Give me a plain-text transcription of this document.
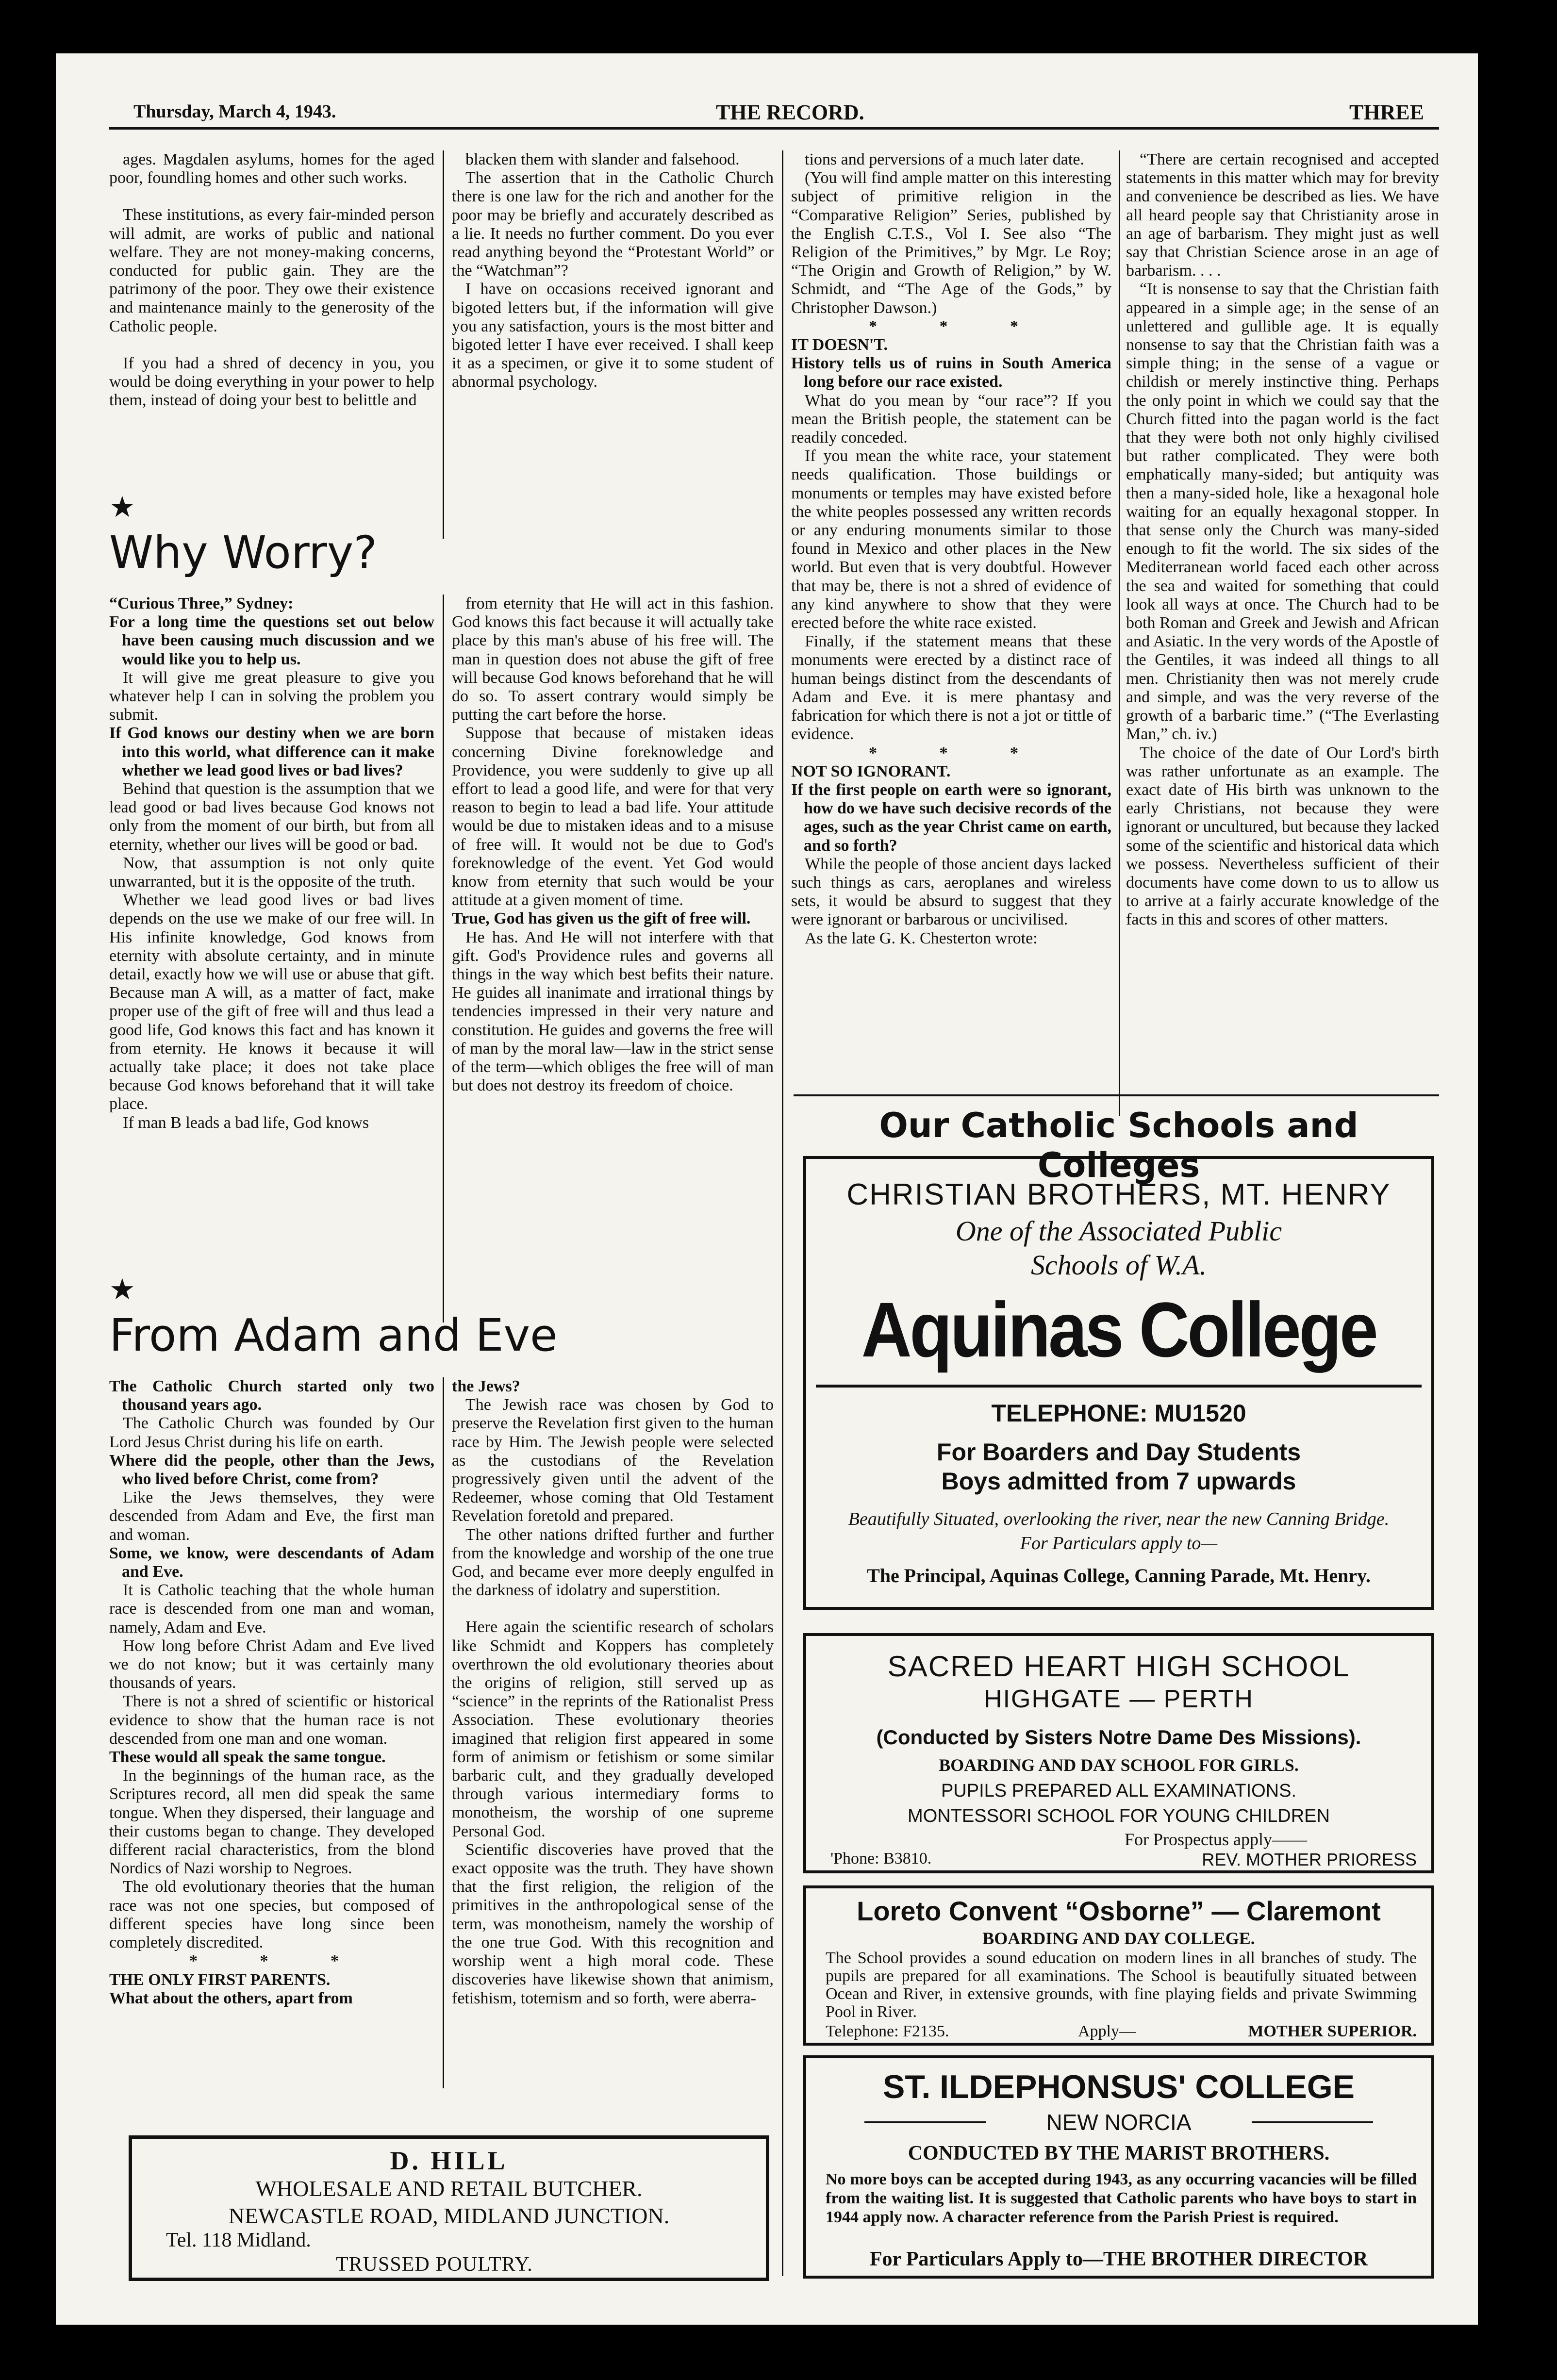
Thursday, March 4, 1943.	THE RECORD.	THREE

ages. Magdalen asylums, homes for the aged poor, foundling homes and other such works.

These institutions, as every fair-minded person will admit, are works of public and national welfare. They are not money-making concerns, conducted for public gain. They are the patrimony of the poor. They owe their existence and maintenance mainly to the generosity of the Catholic people.

If you had a shred of decency in you, you would be doing everything in your power to help them, instead of doing your best to belittle and

blacken them with slander and falsehood.

The assertion that in the Catholic Church there is one law for the rich and another for the poor may be briefly and accurately described as a lie. It needs no further comment. Do you ever read anything beyond the “Protestant World” or the “Watchman”?

I have on occasions received ignorant and bigoted letters but, if the information will give you any satisfaction, yours is the most bitter and bigoted letter I have ever received. I shall keep it as a specimen, or give it to some student of abnormal psychology.

★
Why Worry?

“Curious Three,” Sydney:

For a long time the questions set out below have been causing much discussion and we would like you to help us.

It will give me great pleasure to give you whatever help I can in solving the problem you submit.

If God knows our destiny when we are born into this world, what difference can it make whether we lead good lives or bad lives?

Behind that question is the assumption that we lead good or bad lives because God knows not only from the moment of our birth, but from all eternity, whether our lives will be good or bad.

Now, that assumption is not only quite unwarranted, but it is the opposite of the truth.

Whether we lead good lives or bad lives depends on the use we make of our free will. In His infinite knowledge, God knows from eternity with absolute certainty, and in minute detail, exactly how we will use or abuse that gift. Because man A will, as a matter of fact, make proper use of the gift of free will and thus lead a good life, God knows this fact and has known it from eternity. He knows it because it will actually take place; it does not take place because God knows beforehand that it will take place.

If man B leads a bad life, God knows

from eternity that He will act in this fashion. God knows this fact because it will actually take place by this man's abuse of his free will. The man in question does not abuse the gift of free will because God knows beforehand that he will do so. To assert contrary would simply be putting the cart before the horse.

Suppose that because of mistaken ideas concerning Divine foreknowledge and Providence, you were suddenly to give up all effort to lead a good life, and were for that very reason to begin to lead a bad life. Your attitude would be due to mistaken ideas and to a misuse of free will. It would not be due to God's foreknowledge of the event. Yet God would know from eternity that such would be your attitude at a given moment of time.

True, God has given us the gift of free will.

He has. And He will not interfere with that gift. God's Providence rules and governs all things in the way which best befits their nature. He guides all inanimate and irrational things by tendencies impressed in their very nature and constitution. He guides and governs the free will of man by the moral law—law in the strict sense of the term—which obliges the free will of man but does not destroy its freedom of choice.

★
From Adam and Eve

The Catholic Church started only two thousand years ago.

The Catholic Church was founded by Our Lord Jesus Christ during his life on earth.

Where did the people, other than the Jews, who lived before Christ, come from?

Like the Jews themselves, they were descended from Adam and Eve, the first man and woman.

Some, we know, were descendants of Adam and Eve.

It is Catholic teaching that the whole human race is descended from one man and woman, namely, Adam and Eve.

How long before Christ Adam and Eve lived we do not know; but it was certainly many thousands of years.

There is not a shred of scientific or historical evidence to show that the human race is not descended from one man and one woman.

These would all speak the same tongue.

In the beginnings of the human race, as the Scriptures record, all men did speak the same tongue. When they dispersed, their language and their customs began to change. They developed different racial characteristics, from the blond Nordics of Nazi worship to Negroes.

The old evolutionary theories that the human race was not one species, but composed of different species have long since been completely discredited.

* * *

THE ONLY FIRST PARENTS.

What about the others, apart from

the Jews?

The Jewish race was chosen by God to preserve the Revelation first given to the human race by Him. The Jewish people were selected as the custodians of the Revelation progressively given until the advent of the Redeemer, whose coming that Old Testament Revelation foretold and prepared.

The other nations drifted further and further from the knowledge and worship of the one true God, and became ever more deeply engulfed in the darkness of idolatry and superstition.

Here again the scientific research of scholars like Schmidt and Koppers has completely overthrown the old evolutionary theories about the origins of religion, still served up as “science” in the reprints of the Rationalist Press Association. These evolutionary theories imagined that religion first appeared in some form of animism or fetishism or some similar barbaric cult, and they gradually developed through various intermediary forms to monotheism, the worship of one supreme Personal God.

Scientific discoveries have proved that the exact opposite was the truth. They have shown that the first religion, the religion of the primitives in the anthropological sense of the term, was monotheism, namely the worship of the one true God. With this recognition and worship went a high moral code. These discoveries have likewise shown that animism, fetishism, totemism and so forth, were aberra-

tions and perversions of a much later date.

(You will find ample matter on this interesting subject of primitive religion in the “Comparative Religion” Series, published by the English C.T.S., Vol I. See also “The Religion of the Primitives,” by Mgr. Le Roy; “The Origin and Growth of Religion,” by W. Schmidt, and “The Age of the Gods,” by Christopher Dawson.)

* * *

IT DOESN'T.

History tells us of ruins in South America long before our race existed.

What do you mean by “our race”? If you mean the British people, the statement can be readily conceded.

If you mean the white race, your statement needs qualification. Those buildings or monuments or temples may have existed before the white peoples possessed any written records or any enduring monuments similar to those found in Mexico and other places in the New world. But even that is very doubtful. However that may be, there is not a shred of evidence of any kind anywhere to show that they were erected before the white race existed.

Finally, if the statement means that these monuments were erected by a distinct race of human beings distinct from the descendants of Adam and Eve. it is mere phantasy and fabrication for which there is not a jot or tittle of evidence.

* * *

NOT SO IGNORANT.

If the first people on earth were so ignorant, how do we have such decisive records of the ages, such as the year Christ came on earth, and so forth?

While the people of those ancient days lacked such things as cars, aeroplanes and wireless sets, it would be absurd to suggest that they were ignorant or barbarous or uncivilised.

As the late G. K. Chesterton wrote:

“There are certain recognised and accepted statements in this matter which may for brevity and convenience be described as lies. We have all heard people say that Christianity arose in an age of barbarism. They might just as well say that Christian Science arose in an age of barbarism. . . .

“It is nonsense to say that the Christian faith appeared in a simple age; in the sense of an unlettered and gullible age. It is equally nonsense to say that the Christian faith was a simple thing; in the sense of a vague or childish or merely instinctive thing. Perhaps the only point in which we could say that the Church fitted into the pagan world is the fact that they were both not only highly civilised but rather complicated. They were both emphatically many-sided; but antiquity was then a many-sided hole, like a hexagonal hole waiting for an equally hexagonal stopper. In that sense only the Church was many-sided enough to fit the world. The six sides of the Mediterranean world faced each other across the sea and waited for something that could look all ways at once. The Church had to be both Roman and Greek and Jewish and African and Asiatic. In the very words of the Apostle of the Gentiles, it was indeed all things to all men. Christianity then was not merely crude and simple, and was the very reverse of the growth of a barbaric time.” (“The Everlasting Man,” ch. iv.)

The choice of the date of Our Lord's birth was rather unfortunate as an example. The exact date of His birth was unknown to the early Christians, not because they were ignorant or uncultured, but because they lacked some of the scientific and historical data which we possess. Nevertheless sufficient of their documents have come down to us to allow us to arrive at a fairly accurate knowledge of the facts in this and scores of other matters.

Our Catholic Schools and Colleges
CHRISTIAN BROTHERS, MT. HENRY
One of the Associated Public
Schools of W.A.
Aquinas College
TELEPHONE: MU1520
For Boarders and Day Students
Boys admitted from 7 upwards
Beautifully Situated, overlooking the river, near the new Canning Bridge.
For Particulars apply to—
The Principal, Aquinas College, Canning Parade, Mt. Henry.
SACRED HEART HIGH SCHOOL
HIGHGATE — PERTH
(Conducted by Sisters Notre Dame Des Missions).
BOARDING AND DAY SCHOOL FOR GIRLS.
PUPILS PREPARED ALL EXAMINATIONS.
MONTESSORI SCHOOL FOR YOUNG CHILDREN
For Prospectus apply——
'Phone: B3810.	REV. MOTHER PRIORESS
Loreto Convent “Osborne” — Claremont
BOARDING AND DAY COLLEGE.
The School provides a sound education on modern lines in all branches of study. The pupils are prepared for all examinations. The School is beautifully situated between Ocean and River, in extensive grounds, with fine playing fields and private Swimming Pool in River.
Telephone: F2135.	Apply—	MOTHER SUPERIOR.
ST. ILDEPHONSUS' COLLEGE
NEW NORCIA
CONDUCTED BY THE MARIST BROTHERS.
No more boys can be accepted during 1943, as any occurring vacancies will be filled from the waiting list. It is suggested that Catholic parents who have boys to start in 1944 apply now. A character reference from the Parish Priest is required.
For Particulars Apply to—THE BROTHER DIRECTOR
D. HILL
WHOLESALE AND RETAIL BUTCHER.
NEWCASTLE ROAD, MIDLAND JUNCTION.
Tel. 118 Midland.
TRUSSED POULTRY.
